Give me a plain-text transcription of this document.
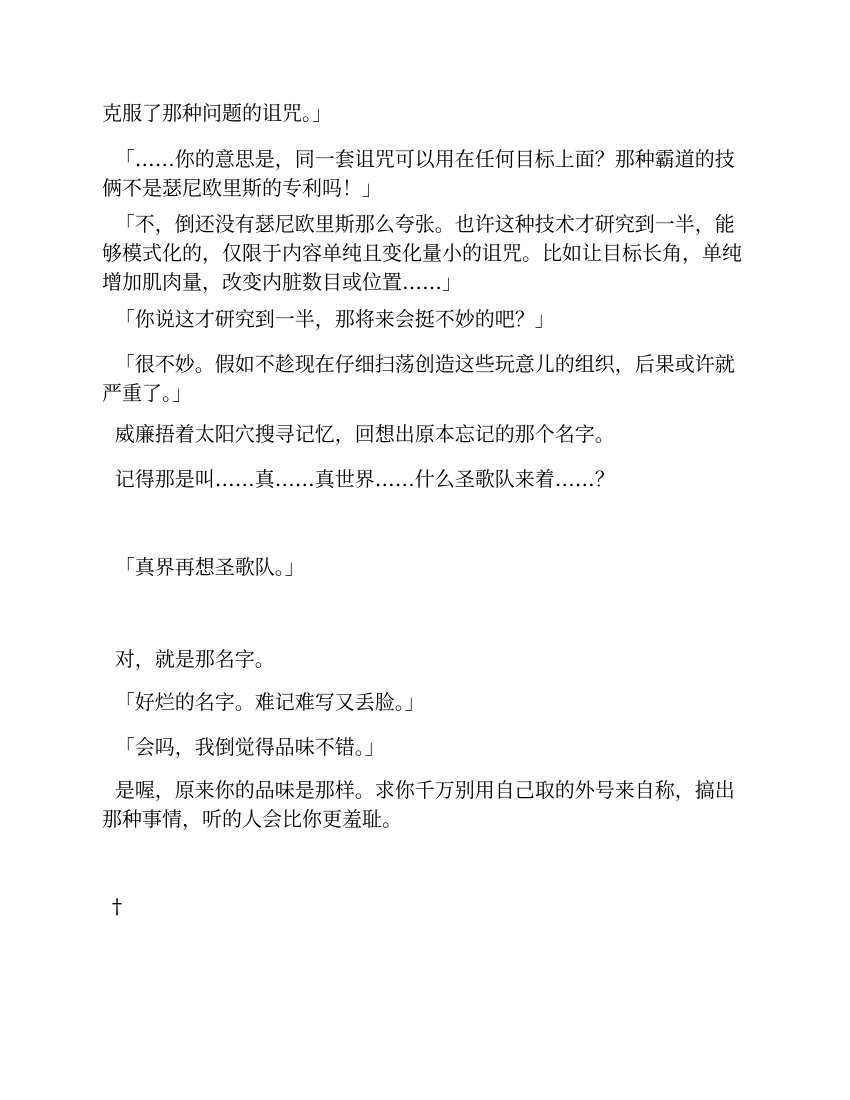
克服了那种问题的诅咒。」

「……你的意思是，同一套诅咒可以用在任何目标上面？那种霸道的技俩不是瑟尼欧里斯的专利吗！」

「不，倒还没有瑟尼欧里斯那么夸张。也许这种技术才研究到一半，能够模式化的，仅限于内容单纯且变化量小的诅咒。比如让目标长角，单纯增加肌肉量，改变内脏数目或位置……」

「你说这才研究到一半，那将来会挺不妙的吧？」

「很不妙。假如不趁现在仔细扫荡创造这些玩意儿的组织，后果或许就严重了。」

威廉捂着太阳穴搜寻记忆，回想出原本忘记的那个名字。

记得那是叫……真……真世界……什么圣歌队来着……？

「真界再想圣歌队。」

对，就是那名字。

「好烂的名字。难记难写又丢脸。」

「会吗，我倒觉得品味不错。」

是喔，原来你的品味是那样。求你千万别用自己取的外号来自称，搞出那种事情，听的人会比你更羞耻。

†
